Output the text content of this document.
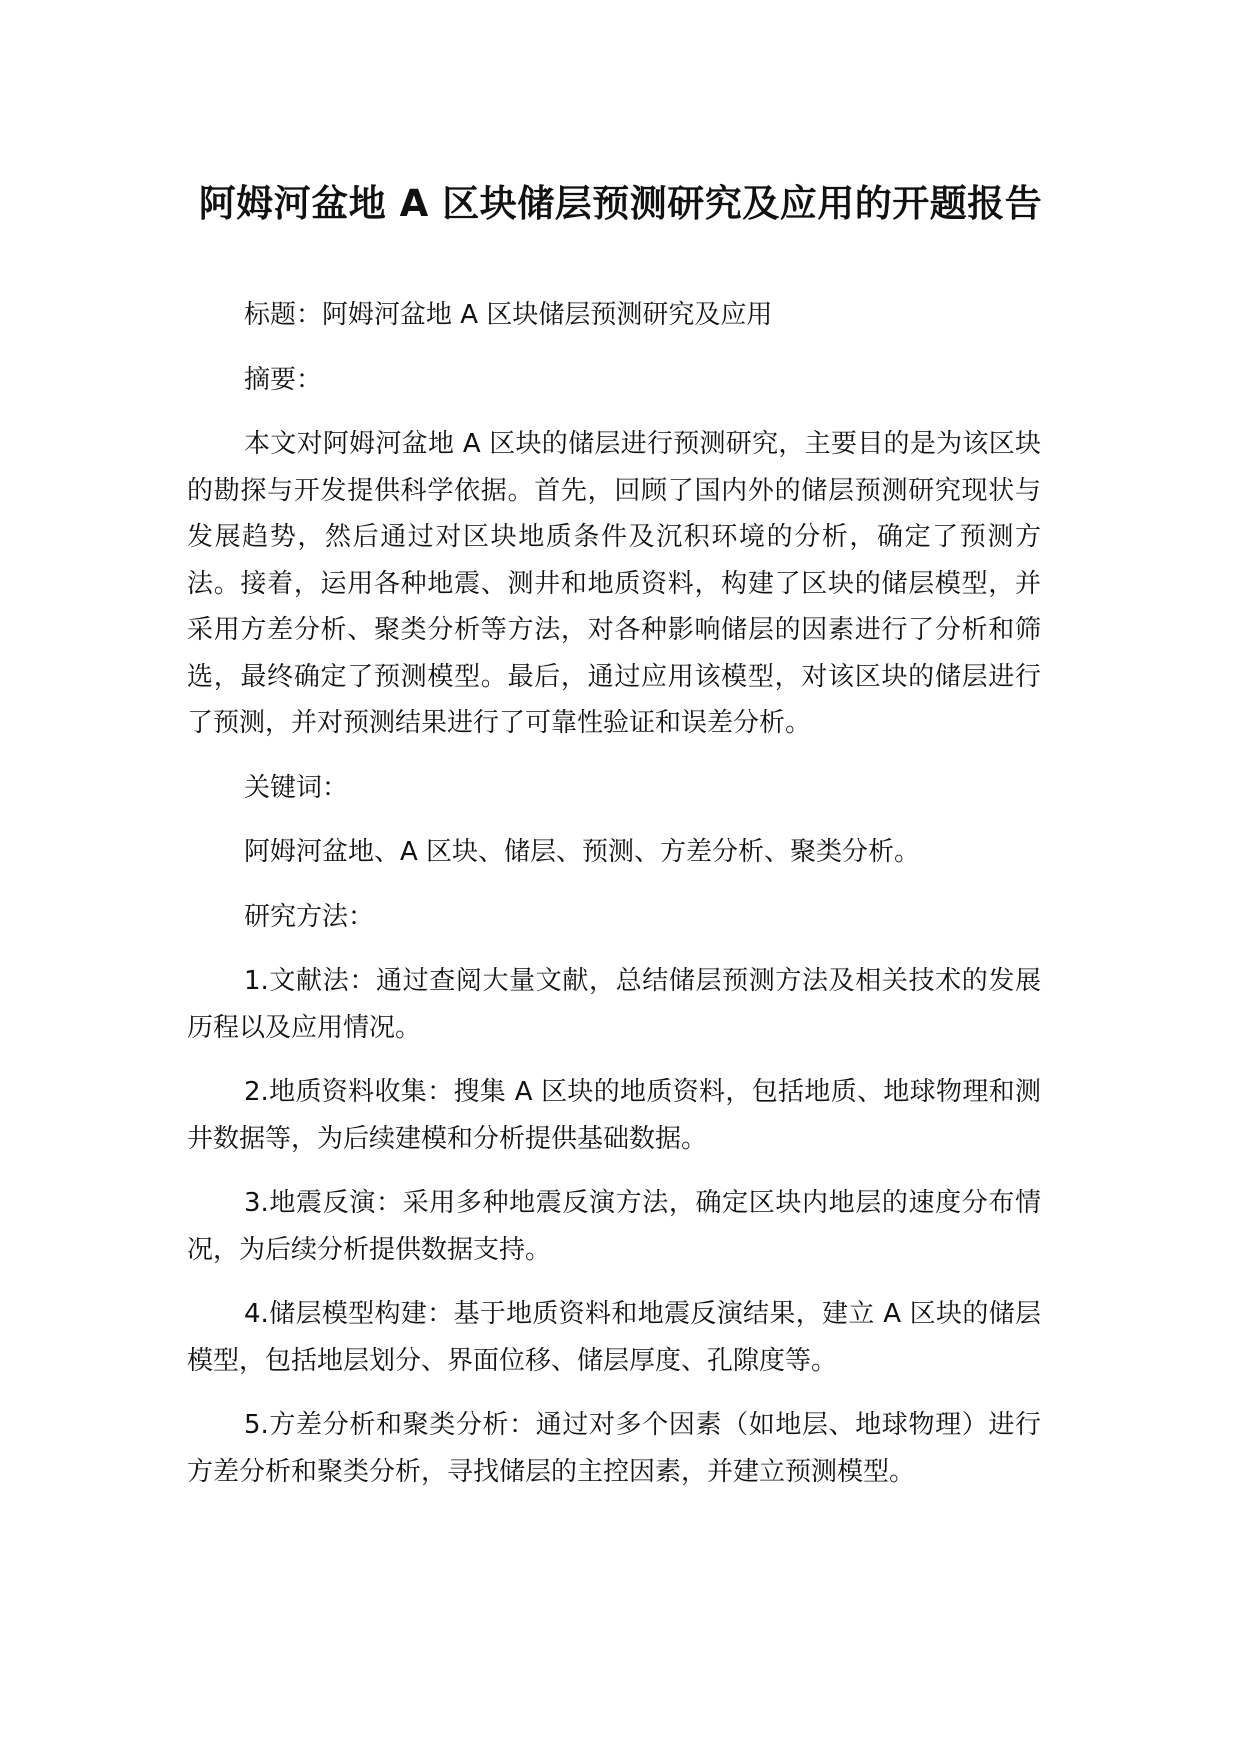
阿姆河盆地 A 区块储层预测研究及应用的开题报告

标题：阿姆河盆地 A 区块储层预测研究及应用

摘要：

本文对阿姆河盆地 A 区块的储层进行预测研究，主要目的是为该区块的勘探与开发提供科学依据。首先，回顾了国内外的储层预测研究现状与发展趋势，然后通过对区块地质条件及沉积环境的分析，确定了预测方法。接着，运用各种地震、测井和地质资料，构建了区块的储层模型，并采用方差分析、聚类分析等方法，对各种影响储层的因素进行了分析和筛选，最终确定了预测模型。最后，通过应用该模型，对该区块的储层进行了预测，并对预测结果进行了可靠性验证和误差分析。

关键词：

阿姆河盆地、A 区块、储层、预测、方差分析、聚类分析。

研究方法：

1.文献法：通过查阅大量文献，总结储层预测方法及相关技术的发展历程以及应用情况。

2.地质资料收集：搜集 A 区块的地质资料，包括地质、地球物理和测井数据等，为后续建模和分析提供基础数据。

3.地震反演：采用多种地震反演方法，确定区块内地层的速度分布情况，为后续分析提供数据支持。

4.储层模型构建：基于地质资料和地震反演结果，建立 A 区块的储层模型，包括地层划分、界面位移、储层厚度、孔隙度等。

5.方差分析和聚类分析：通过对多个因素（如地层、地球物理）进行方差分析和聚类分析，寻找储层的主控因素，并建立预测模型。
